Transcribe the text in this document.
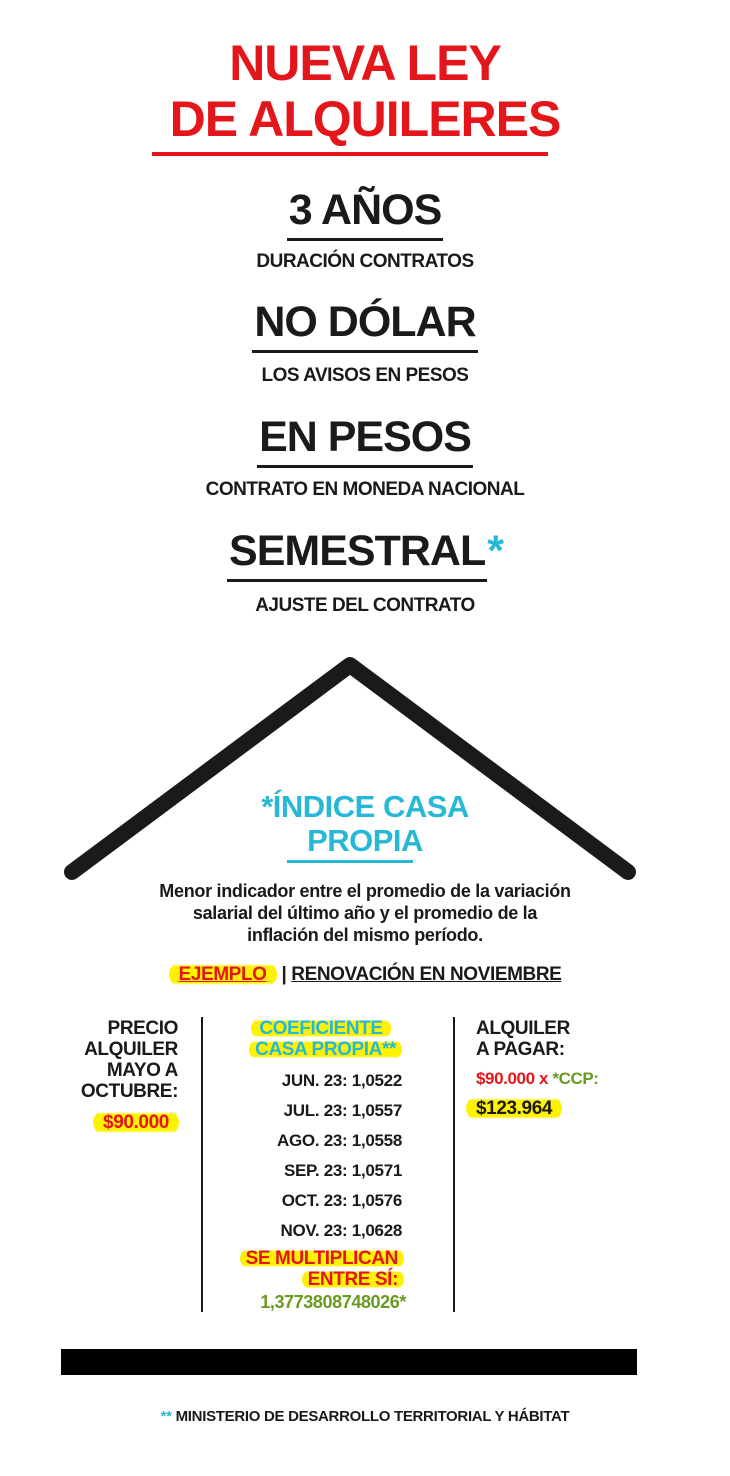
NUEVA LEY
DE ALQUILERES
3 AÑOS
DURACIÓN CONTRATOS
NO DÓLAR
LOS AVISOS EN PESOS
EN PESOS
CONTRATO EN MONEDA NACIONAL
SEMESTRAL*
AJUSTE DEL CONTRATO
*ÍNDICE CASA
PROPIA
Menor indicador entre el promedio de la variación
salarial del último año y el promedio de la
inflación del mismo período.
EJEMPLO | RENOVACIÓN EN NOVIEMBRE
PRECIO
ALQUILER
MAYO A
OCTUBRE:
$90.000
COEFICIENTE
CASA PROPIA**
JUN. 23: 1,0522
JUL. 23: 1,0557
AGO. 23: 1,0558
SEP. 23: 1,0571
OCT. 23: 1,0576
NOV. 23: 1,0628
SE MULTIPLICAN
ENTRE SÍ:
1,3773808748026*
ALQUILER
A PAGAR:
$90.000 x *CCP:
$123.964
** MINISTERIO DE DESARROLLO TERRITORIAL Y HÁBITAT
